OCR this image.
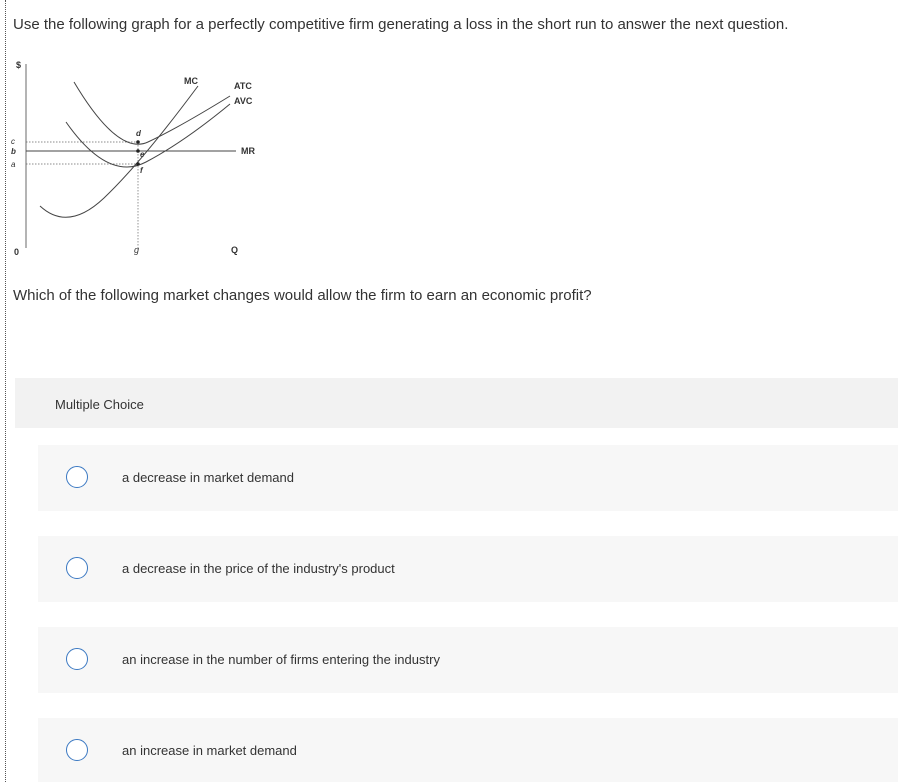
Use the following graph for a perfectly competitive firm generating a loss in the short run to answer the next question.
$
0	Q
g
MC	ATC
AVC
MR
c
b
a
d
e
f
Which of the following market changes would allow the firm to earn an economic profit?
Multiple Choice
a decrease in market demand
a decrease in the price of the industry's product
an increase in the number of firms entering the industry
an increase in market demand
